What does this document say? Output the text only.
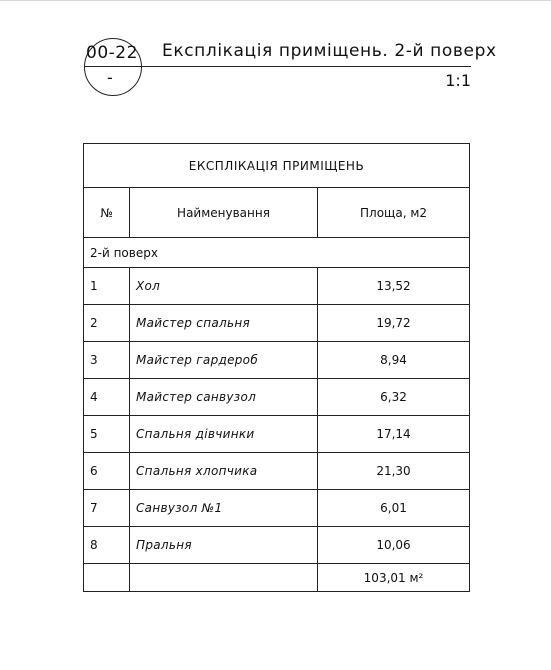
00-22
-
Експлікація приміщень. 2-й поверх
1:1
ЕКСПЛІКАЦІЯ ПРИМІЩЕНЬ		
№	Найменування	Площа, м2
2-й поверх		
1	Хол	13,52
2	Майстер спальня	19,72
3	Майстер гардероб	8,94
4	Майстер санвузол	6,32
5	Спальня дівчинки	17,14
6	Спальня хлопчика	21,30
7	Санвузол №1	6,01
8	Пральня	10,06
		103,01 м²
